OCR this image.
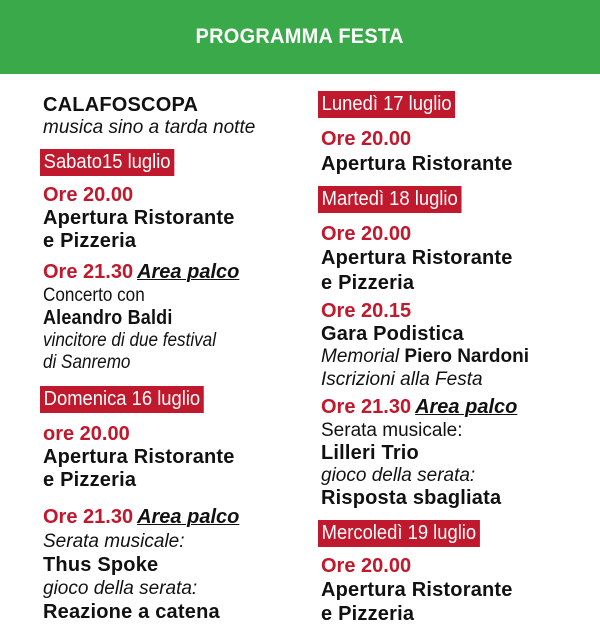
PROGRAMMA FESTA
CALAFOSCOPA
musica sino a tarda notte
Sabato15 luglio
Ore 20.00
Apertura Ristorante
e Pizzeria
Ore 21.30 Area palco
Concerto con
Aleandro Baldi
vincitore di due festival
di Sanremo
Domenica 16 luglio
ore 20.00
Apertura Ristorante
e Pizzeria
Ore 21.30 Area palco
Serata musicale:
Thus Spoke
gioco della serata:
Reazione a catena
Lunedì 17 luglio
Ore 20.00
Apertura Ristorante
Martedì 18 luglio
Ore 20.00
Apertura Ristorante
e Pizzeria
Ore 20.15
Gara Podistica
Memorial Piero Nardoni
Iscrizioni alla Festa
Ore 21.30 Area palco
Serata musicale:
Lilleri Trio
gioco della serata:
Risposta sbagliata
Mercoledì 19 luglio
Ore 20.00
Apertura Ristorante
e Pizzeria
